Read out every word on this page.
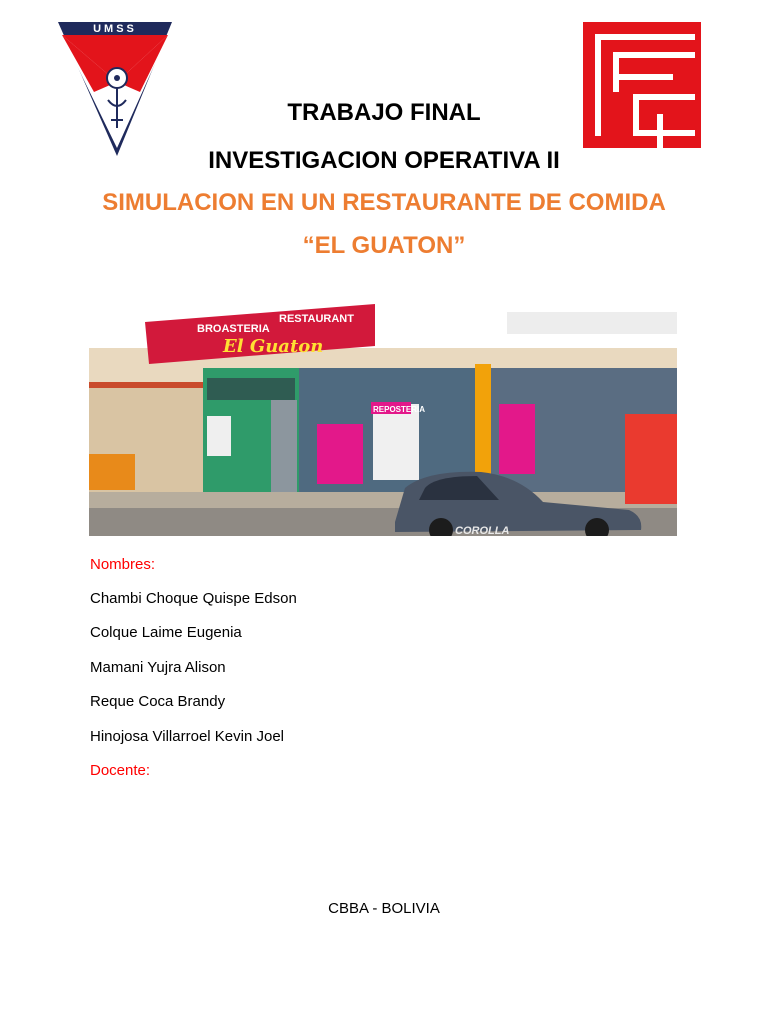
UMSS
TRABAJO FINAL
INVESTIGACION OPERATIVA II
SIMULACION EN UN RESTAURANTE DE COMIDA
“EL GUATON”
BROASTERIA
RESTAURANT
El Guaton
REPOSTERIA
COROLLA
Nombres:
Chambi Choque Quispe Edson
Colque Laime Eugenia
Mamani Yujra Alison
Reque Coca Brandy
Hinojosa Villarroel Kevin Joel
Docente:
CBBA - BOLIVIA
